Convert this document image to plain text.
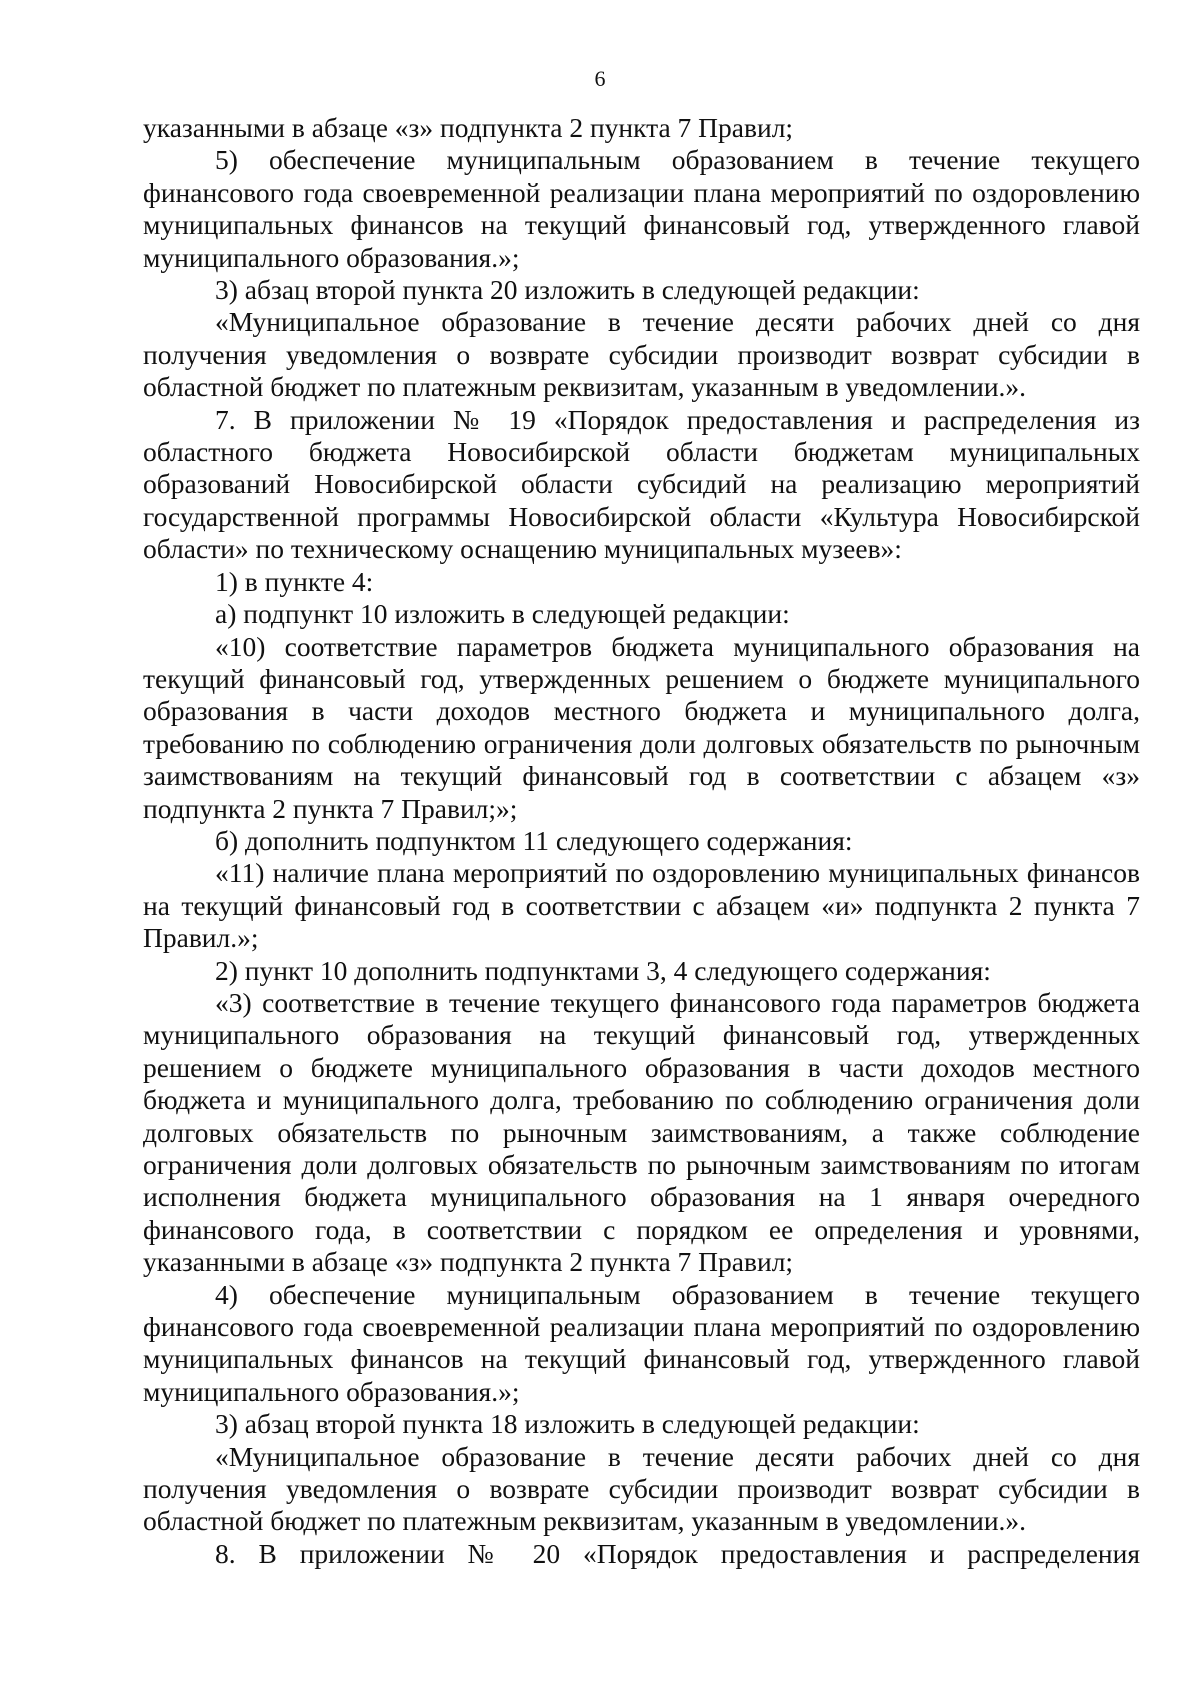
6

указанными в абзаце «з» подпункта 2 пункта 7 Правил;

5) обеспечение муниципальным образованием в течение текущего финансового года своевременной реализации плана мероприятий по оздоровлению муниципальных финансов на текущий финансовый год, утвержденного главой муниципального образования.»;

3) абзац второй пункта 20 изложить в следующей редакции:

«Муниципальное образование в течение десяти рабочих дней со дня получения уведомления о возврате субсидии производит возврат субсидии в областной бюджет по платежным реквизитам, указанным в уведомлении.».

7. В приложении № 19 «Порядок предоставления и распределения из областного бюджета Новосибирской области бюджетам муниципальных образований Новосибирской области субсидий на реализацию мероприятий государственной программы Новосибирской области «Культура Новосибирской области» по техническому оснащению муниципальных музеев»:

1) в пункте 4:

а) подпункт 10 изложить в следующей редакции:

«10) соответствие параметров бюджета муниципального образования на текущий финансовый год, утвержденных решением о бюджете муниципального образования в части доходов местного бюджета и муниципального долга, требованию по соблюдению ограничения доли долговых обязательств по рыночным заимствованиям на текущий финансовый год в соответствии с абзацем «з» подпункта 2 пункта 7 Правил;»;

б) дополнить подпунктом 11 следующего содержания:

«11) наличие плана мероприятий по оздоровлению муниципальных финансов на текущий финансовый год в соответствии с абзацем «и» подпункта 2 пункта 7 Правил.»;

2) пункт 10 дополнить подпунктами 3, 4 следующего содержания:

«3) соответствие в течение текущего финансового года параметров бюджета муниципального образования на текущий финансовый год, утвержденных решением о бюджете муниципального образования в части доходов местного бюджета и муниципального долга, требованию по соблюдению ограничения доли долговых обязательств по рыночным заимствованиям, а также соблюдение ограничения доли долговых обязательств по рыночным заимствованиям по итогам исполнения бюджета муниципального образования на 1 января очередного финансового года, в соответствии с порядком ее определения и уровнями, указанными в абзаце «з» подпункта 2 пункта 7 Правил;

4) обеспечение муниципальным образованием в течение текущего финансового года своевременной реализации плана мероприятий по оздоровлению муниципальных финансов на текущий финансовый год, утвержденного главой муниципального образования.»;

3) абзац второй пункта 18 изложить в следующей редакции:

«Муниципальное образование в течение десяти рабочих дней со дня получения уведомления о возврате субсидии производит возврат субсидии в областной бюджет по платежным реквизитам, указанным в уведомлении.».

8. В приложении № 20 «Порядок предоставления и распределения
